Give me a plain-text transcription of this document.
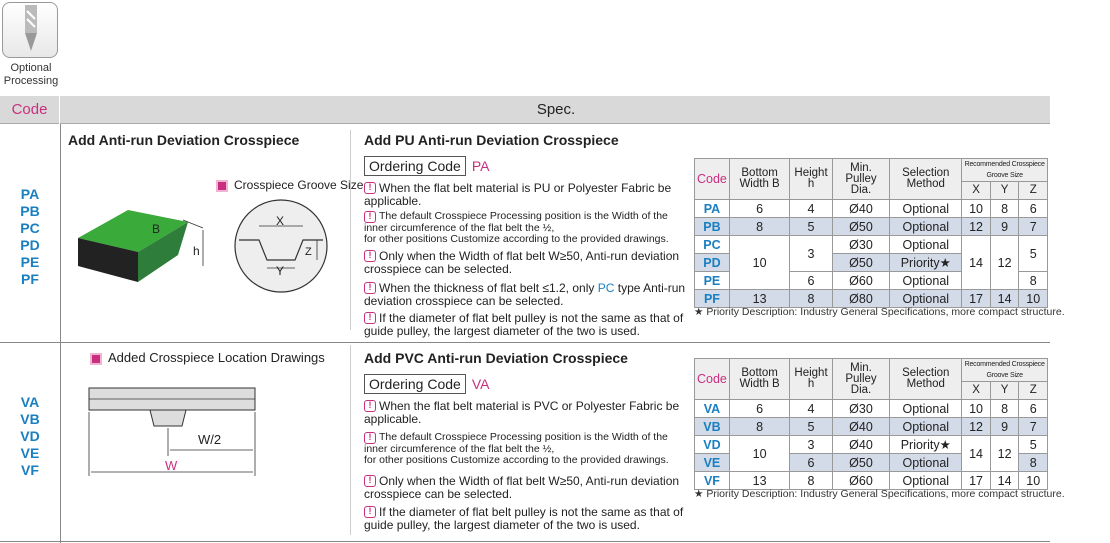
Optional Processing
Code	Spec.
PA
PB
PC
PD
PE
PF
Add Anti-run Deviation Crosspiece
Crosspiece Groove Size
B
h
X
Y
Z
Add PU Anti-run Deviation Crosspiece
Ordering Code PA
! When the flat belt material is PU or Polyester Fabric be applicable.
! The default Crosspiece Processing position is the Width of the inner circumference of the flat belt the ½,
for other positions Customize according to the provided drawings.
! Only when the Width of flat belt W≥50, Anti-run deviation crosspiece can be selected.
! When the thickness of flat belt ≤1.2, only PC type Anti-run deviation crosspiece can be selected.
! If the diameter of flat belt pulley is not the same as that of guide pulley, the largest diameter of the two is used.
Code	Bottom Width B	Height h	Min. Pulley Dia.	Selection Method	Recommended Crosspiece Groove Size		
					X	Y	Z
PA	6	4	Ø40	Optional	10	8	6
PB	8	5	Ø50	Optional	12	9	7
PC	10	3	Ø30	Optional	14	12	5
PD			Ø50	Priority★			
PE		6	Ø60	Optional			8
PF	13	8	Ø80	Optional	17	14	10
★ Priority Description: Industry General Specifications, more compact structure.
VA
VB
VD
VE
VF
Added Crosspiece Location Drawings
W/2
W
Add PVC Anti-run Deviation Crosspiece
Ordering Code VA
! When the flat belt material is PVC or Polyester Fabric be applicable.
! The default Crosspiece Processing position is the Width of the inner circumference of the flat belt the ½,
for other positions Customize according to the provided drawings.
! Only when the Width of flat belt W≥50, Anti-run deviation crosspiece can be selected.
! If the diameter of flat belt pulley is not the same as that of guide pulley, the largest diameter of the two is used.
Code	Bottom Width B	Height h	Min. Pulley Dia.	Selection Method	Recommended Crosspiece Groove Size		
					X	Y	Z
VA	6	4	Ø30	Optional	10	8	6
VB	8	5	Ø40	Optional	12	9	7
VD	10	3	Ø40	Priority★	14	12	5
VE		6	Ø50	Optional			8
VF	13	8	Ø60	Optional	17	14	10
★ Priority Description: Industry General Specifications, more compact structure.
